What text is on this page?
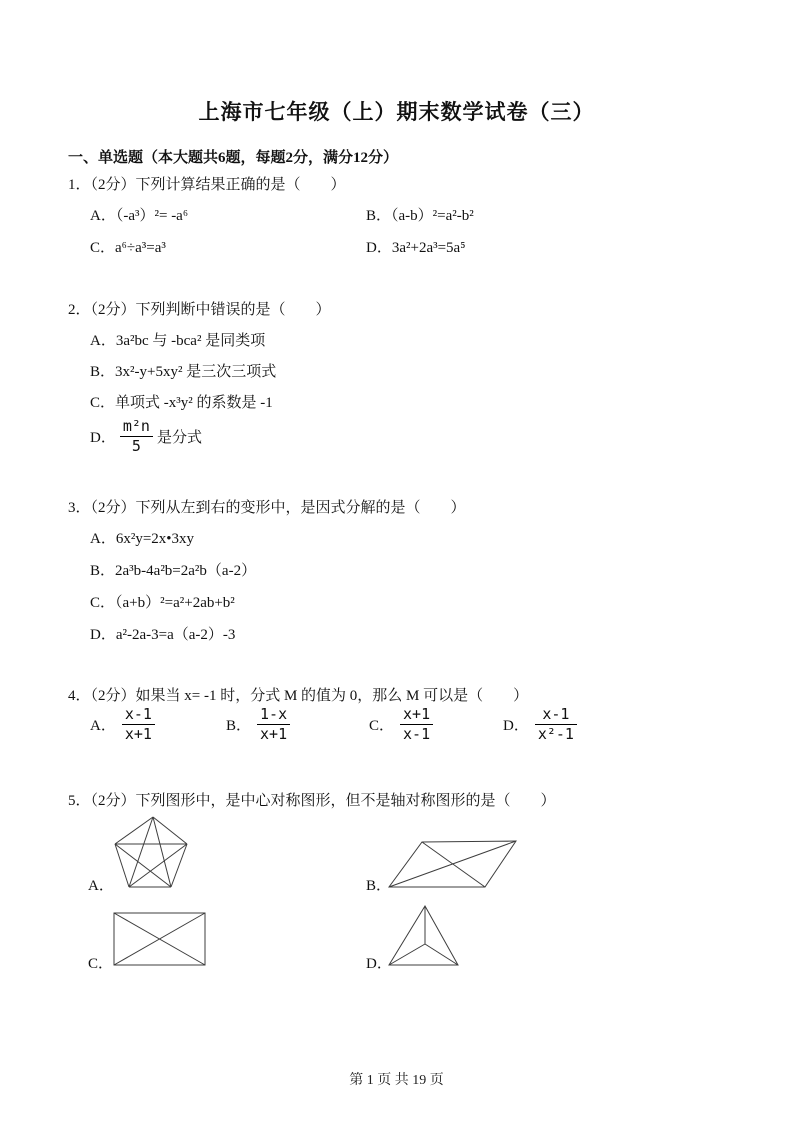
上海市七年级（上）期末数学试卷（三）
一、单选题（本大题共6题，每题2分，满分12分）
1．（2分）下列计算结果正确的是（　　）
A．（-a³）²= -a⁶	B．（a-b）²=a²-b²
C．a⁶÷a³=a³	D．3a²+2a³=5a⁵
2．（2分）下列判断中错误的是（　　）
A．3a²bc 与 -bca² 是同类项
B．3x²-y+5xy² 是三次三项式
C．单项式 -x³y² 的系数是 -1
D． $\frac{\text{m²n}}{5}$ 是分式
3．（2分）下列从左到右的变形中，是因式分解的是（　　）
A．6x²y=2x•3xy
B．2a³b-4a²b=2a²b（a-2）
C．（a+b）²=a²+2ab+b²
D．a²-2a-3=a（a-2）-3
4．（2分）如果当 x= -1 时，分式 M 的值为 0，那么 M 可以是（　　）
A． $\frac{x-1}{x+1}$	B． $\frac{1-x}{x+1}$	C． $\frac{x+1}{x-1}$	D． $\frac{x-1}{\text{x²-1}}$
5．（2分）下列图形中，是中心对称图形，但不是轴对称图形的是（　　）
A．	B．
C．	D．
第 1 页 共 19 页
